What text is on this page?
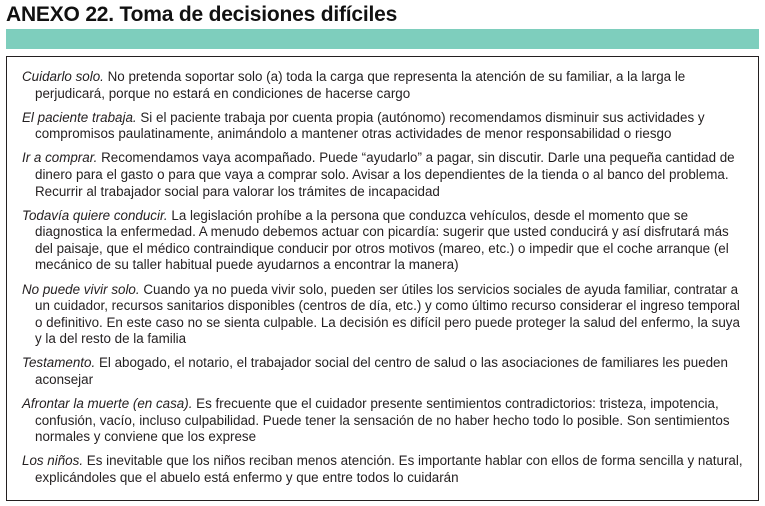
ANEXO 22. Toma de decisiones difíciles

Cuidarlo solo. No pretenda soportar solo (a) toda la carga que representa la atención de su familiar, a la larga le perjudicará, porque no estará en condiciones de hacerse cargo

El paciente trabaja. Si el paciente trabaja por cuenta propia (autónomo) recomendamos disminuir sus actividades y compromisos paulatinamente, animándolo a mantener otras actividades de menor responsabilidad o riesgo

Ir a comprar. Recomendamos vaya acompañado. Puede “ayudarlo” a pagar, sin discutir. Darle una pequeña cantidad de dinero para el gasto o para que vaya a comprar solo. Avisar a los dependientes de la tienda o al banco del problema. Recurrir al trabajador social para valorar los trámites de incapacidad

Todavía quiere conducir. La legislación prohíbe a la persona que conduzca vehículos, desde el momento que se diagnostica la enfermedad. A menudo debemos actuar con picardía: sugerir que usted conducirá y así disfrutará más del paisaje, que el médico contraindique conducir por otros motivos (mareo, etc.) o impedir que el coche arranque (el mecánico de su taller habitual puede ayudarnos a encontrar la manera)

No puede vivir solo. Cuando ya no pueda vivir solo, pueden ser útiles los servicios sociales de ayuda familiar, contratar a un cuidador, recursos sanitarios disponibles (centros de día, etc.) y como último recurso considerar el ingreso temporal o definitivo. En este caso no se sienta culpable. La decisión es difícil pero puede proteger la salud del enfermo, la suya y la del resto de la familia

Testamento. El abogado, el notario, el trabajador social del centro de salud o las asociaciones de familiares les pueden aconsejar

Afrontar la muerte (en casa). Es frecuente que el cuidador presente sentimientos contradictorios: tristeza, impotencia, confusión, vacío, incluso culpabilidad. Puede tener la sensación de no haber hecho todo lo posible. Son sentimientos normales y conviene que los exprese

Los niños. Es inevitable que los niños reciban menos atención. Es importante hablar con ellos de forma sencilla y natural, explicándoles que el abuelo está enfermo y que entre todos lo cuidarán
